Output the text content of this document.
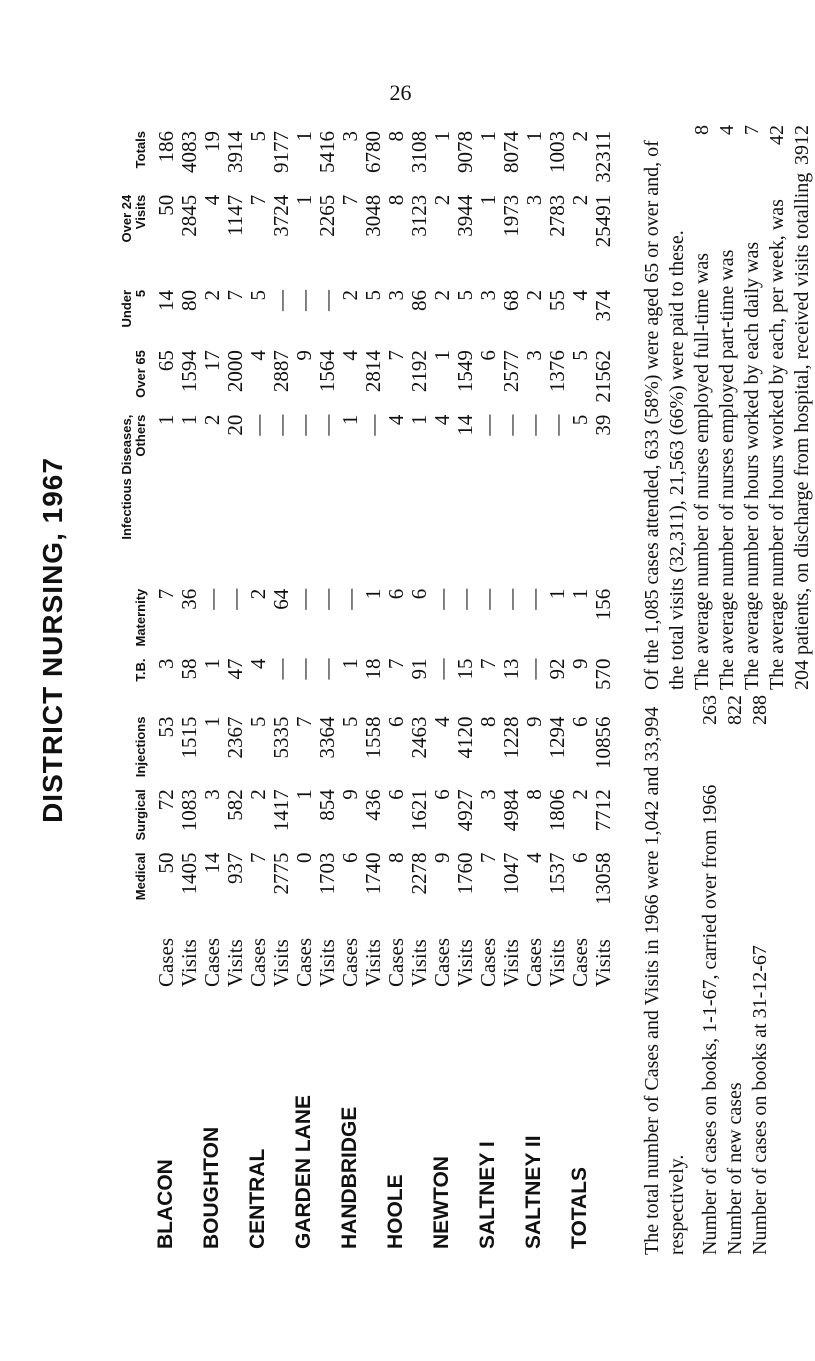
26
DISTRICT NURSING, 1967
		Medical	Surgical	Injections	T.B.	Maternity	Infectious Diseases, Others	Over 65	Under 5	Over 24 Visits	Totals
BLACON	Cases	50	72	53	3	7	1	65	14	50	186
	Visits	1405	1083	1515	58	36	1	1594	80	2845	4083
BOUGHTON	Cases	14	3	1	1	—	2	17	2	4	19
	Visits	937	582	2367	47	—	20	2000	7	1147	3914
CENTRAL	Cases	7	2	5	4	2	—	4	5	7	5
	Visits	2775	1417	5335	—	64	—	2887	—	3724	9177
GARDEN LANE	Cases	0	1	7	—	—	—	9	—	1	1
	Visits	1703	854	3364	—	—	—	1564	—	2265	5416
HANDBRIDGE	Cases	6	9	5	1	—	1	4	2	7	3
	Visits	1740	436	1558	18	1	—	2814	5	3048	6780
HOOLE	Cases	8	6	6	7	6	4	7	3	8	8
	Visits	2278	1621	2463	91	6	1	2192	86	3123	3108
NEWTON	Cases	9	6	4	—	—	4	1	2	2	1
	Visits	1760	4927	4120	15	—	14	1549	5	3944	9078
SALTNEY I	Cases	7	3	8	7	—	—	6	3	1	1
	Visits	1047	4984	1228	13	—	—	2577	68	1973	8074
SALTNEY II	Cases	4	8	9	—	—	—	3	2	3	1
	Visits	1537	1806	1294	92	1	—	1376	55	2783	1003
TOTALS	Cases	6	2	6	9	1	5	5	4	2	2
	Visits	13058	7712	10856	570	156	39	21562	374	25491	32311
The total number of Cases and Visits in 1966 were 1,042 and 33,994 respectively. Number of cases on books, 1-1-67, carried over from 1966
263
Number of new cases
822
Number of cases on books at 31-12-67
288
Of the 1,085 cases attended, 633 (58%) were aged 65 or over and, of the total visits (32,311), 21,563 (66%) were paid to these. The average number of nurses employed full-time was
8
The average number of nurses employed part-time was
4
The average number of hours worked by each daily was
7
The average number of hours worked by each, per week, was
42
204 patients, on discharge from hospital, received visits totalling
3912
